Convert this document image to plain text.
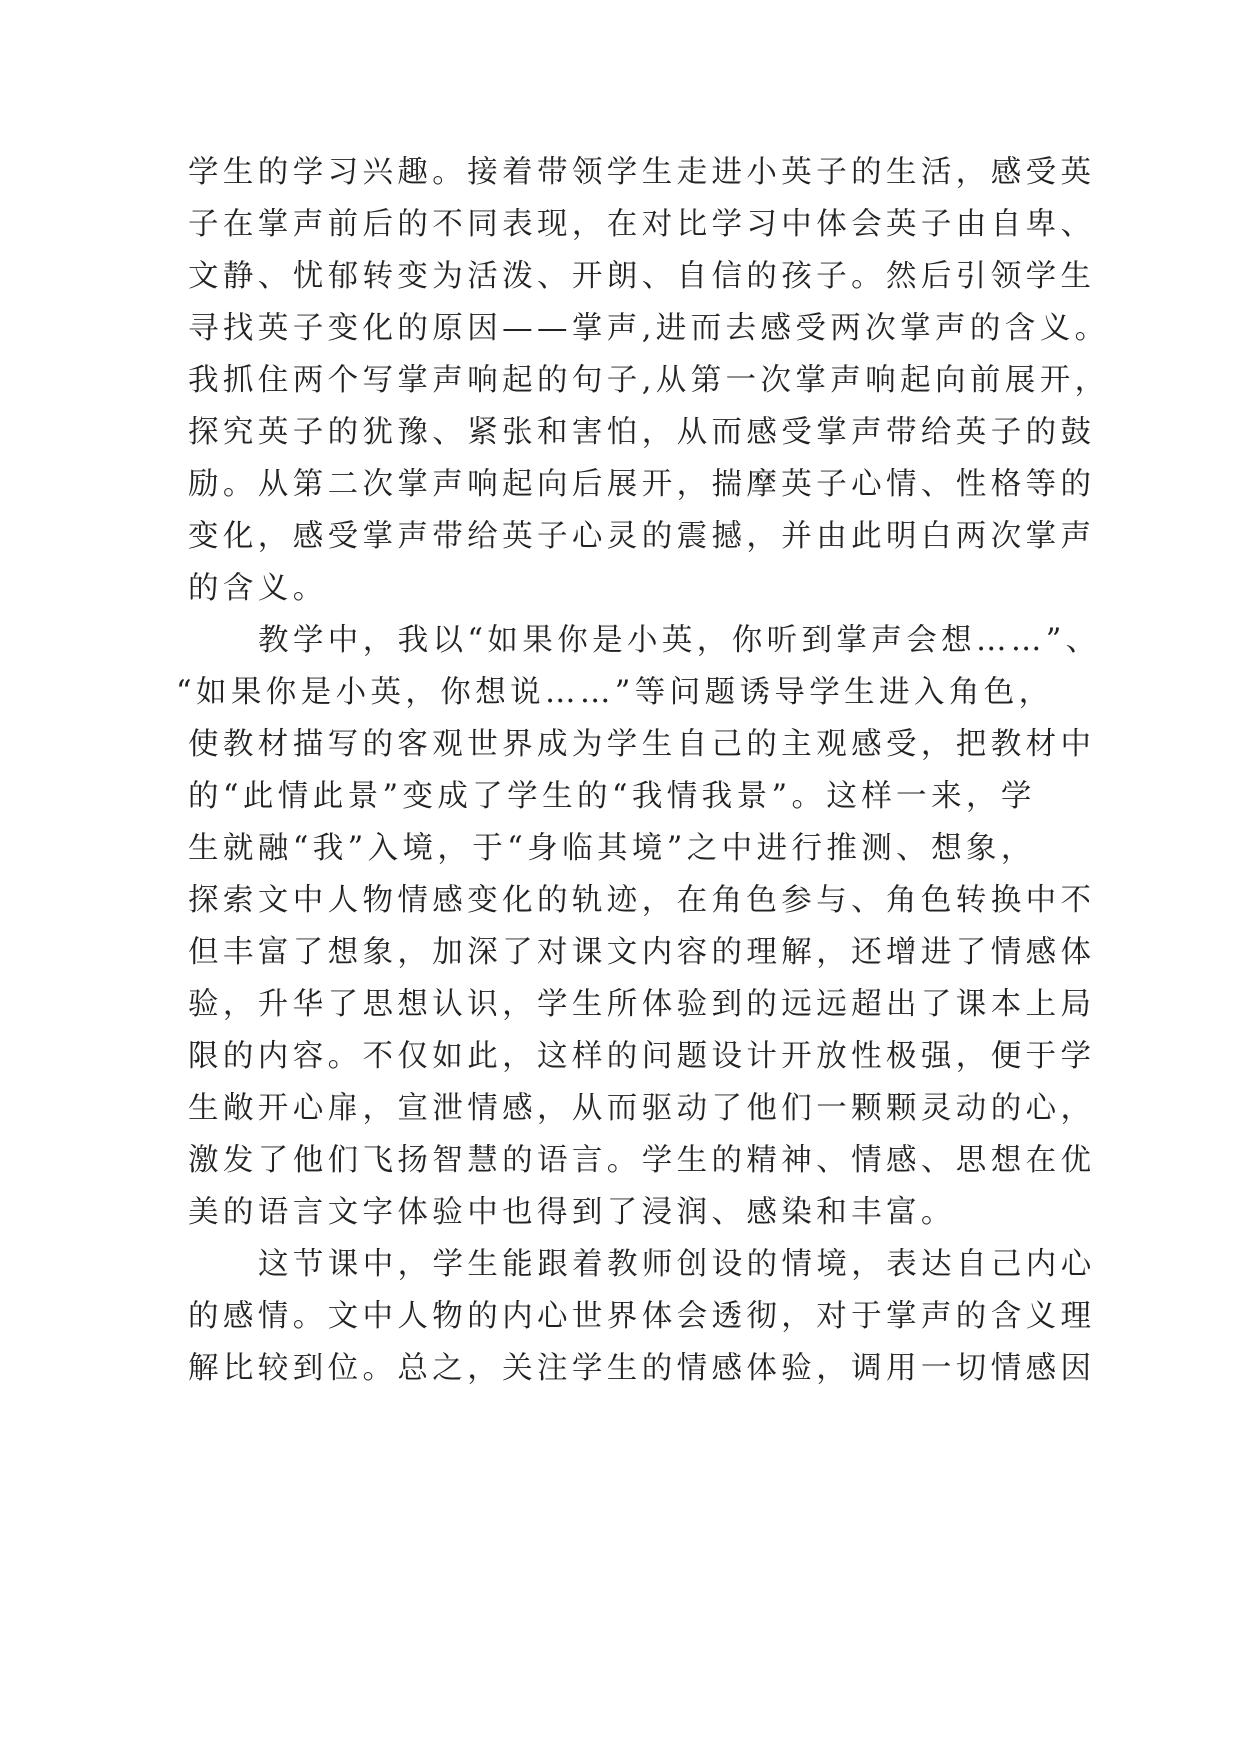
学生的学习兴趣。接着带领学生走进小英子的生活，感受英
子在掌声前后的不同表现，在对比学习中体会英子由自卑、
文静、忧郁转变为活泼、开朗、自信的孩子。然后引领学生
寻找英子变化的原因——掌声,进而去感受两次掌声的含义。
我抓住两个写掌声响起的句子,从第一次掌声响起向前展开，
探究英子的犹豫、紧张和害怕，从而感受掌声带给英子的鼓
励。从第二次掌声响起向后展开，揣摩英子心情、性格等的
变化，感受掌声带给英子心灵的震撼，并由此明白两次掌声
的含义。
教学中，我以“如果你是小英，你听到掌声会想……”、
“如果你是小英，你想说……”等问题诱导学生进入角色，
使教材描写的客观世界成为学生自己的主观感受，把教材中
的“此情此景”变成了学生的“我情我景”。这样一来，学
生就融“我”入境，于“身临其境”之中进行推测、想象，
探索文中人物情感变化的轨迹，在角色参与、角色转换中不
但丰富了想象，加深了对课文内容的理解，还增进了情感体
验，升华了思想认识，学生所体验到的远远超出了课本上局
限的内容。不仅如此，这样的问题设计开放性极强，便于学
生敞开心扉，宣泄情感，从而驱动了他们一颗颗灵动的心，
激发了他们飞扬智慧的语言。学生的精神、情感、思想在优
美的语言文字体验中也得到了浸润、感染和丰富。
这节课中，学生能跟着教师创设的情境，表达自己内心
的感情。文中人物的内心世界体会透彻，对于掌声的含义理
解比较到位。总之，关注学生的情感体验，调用一切情感因
